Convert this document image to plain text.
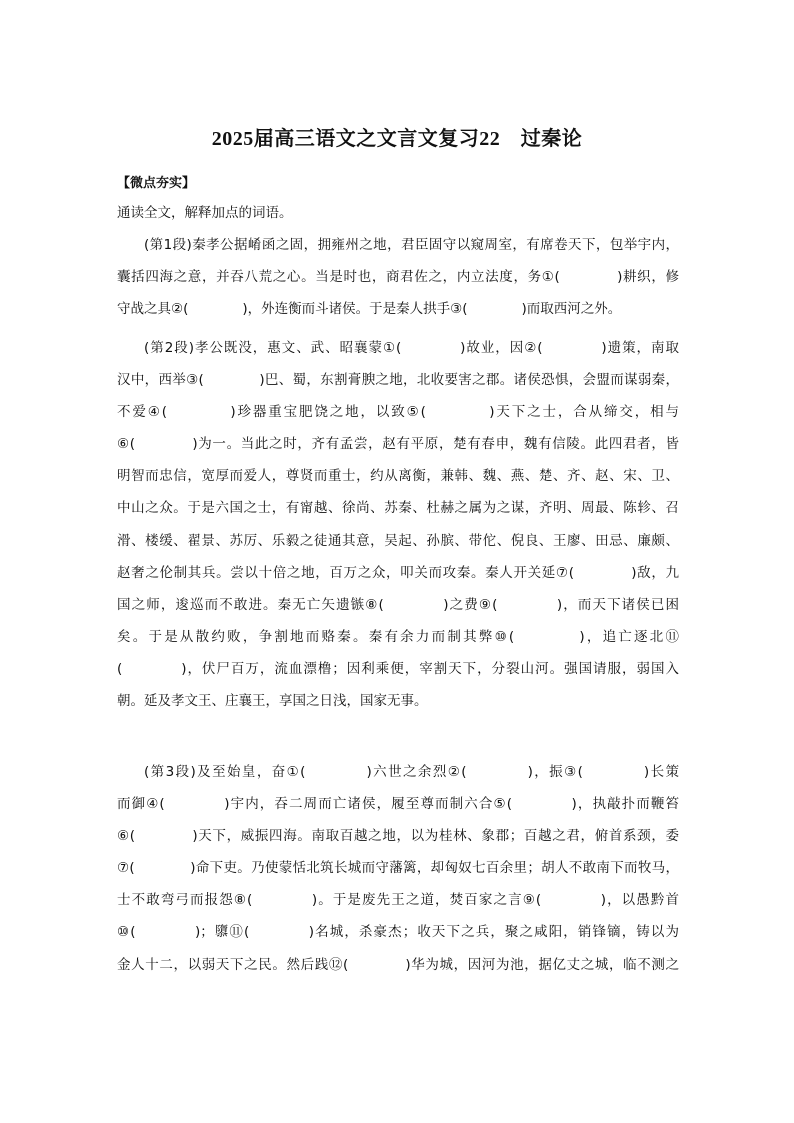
2025届高三语文之文言文复习22　过秦论
【微点夯实】
通读全文，解释加点的词语。
(第1段)秦孝公据崤函之固，拥雍州之地，君臣固守以窥周室，有席卷天下，包举宇内，
囊括四海之意，并吞八荒之心。当是时也，商君佐之，内立法度，务①(　　　　)耕织，修
守战之具②(　　　　)，外连衡而斗诸侯。于是秦人拱手③(　　　　)而取西河之外。
(第2段)孝公既没，惠文、武、昭襄蒙①(　　　　)故业，因②(　　　　)遗策，南取
汉中，西举③(　　　　)巴、蜀，东割膏腴之地，北收要害之郡。诸侯恐惧，会盟而谋弱秦，
不爱④(　　　　)珍器重宝肥饶之地，以致⑤(　　　　)天下之士，合从缔交，相与
⑥(　　　　)为一。当此之时，齐有孟尝，赵有平原，楚有春申，魏有信陵。此四君者，皆
明智而忠信，宽厚而爱人，尊贤而重士，约从离衡，兼韩、魏、燕、楚、齐、赵、宋、卫、
中山之众。于是六国之士，有甯越、徐尚、苏秦、杜赫之属为之谋，齐明、周最、陈轸、召
滑、楼缓、翟景、苏厉、乐毅之徒通其意，吴起、孙膑、带佗、倪良、王廖、田忌、廉颇、
赵奢之伦制其兵。尝以十倍之地，百万之众，叩关而攻秦。秦人开关延⑦(　　　　)敌，九
国之师，逡巡而不敢进。秦无亡矢遗镞⑧(　　　　)之费⑨(　　　　)，而天下诸侯已困
矣。于是从散约败，争割地而赂秦。秦有余力而制其弊⑩(　　　　)，追亡逐北⑪
(　　　　)，伏尸百万，流血漂橹；因利乘便，宰割天下，分裂山河。强国请服，弱国入
朝。延及孝文王、庄襄王，享国之日浅，国家无事。
(第3段)及至始皇，奋①(　　　　)六世之余烈②(　　　　)，振③(　　　　)长策
而御④(　　　　)宇内，吞二周而亡诸侯，履至尊而制六合⑤(　　　　)，执敲扑而鞭笞
⑥(　　　　)天下，威振四海。南取百越之地，以为桂林、象郡；百越之君，俯首系颈，委
⑦(　　　　)命下吏。乃使蒙恬北筑长城而守藩篱，却匈奴七百余里；胡人不敢南下而牧马，
士不敢弯弓而报怨⑧(　　　　)。于是废先王之道，焚百家之言⑨(　　　　)，以愚黔首
⑩(　　　　)；隳⑪(　　　　)名城，杀豪杰；收天下之兵，聚之咸阳，销锋镝，铸以为
金人十二，以弱天下之民。然后践⑫(　　　　)华为城，因河为池，据亿丈之城，临不测之
